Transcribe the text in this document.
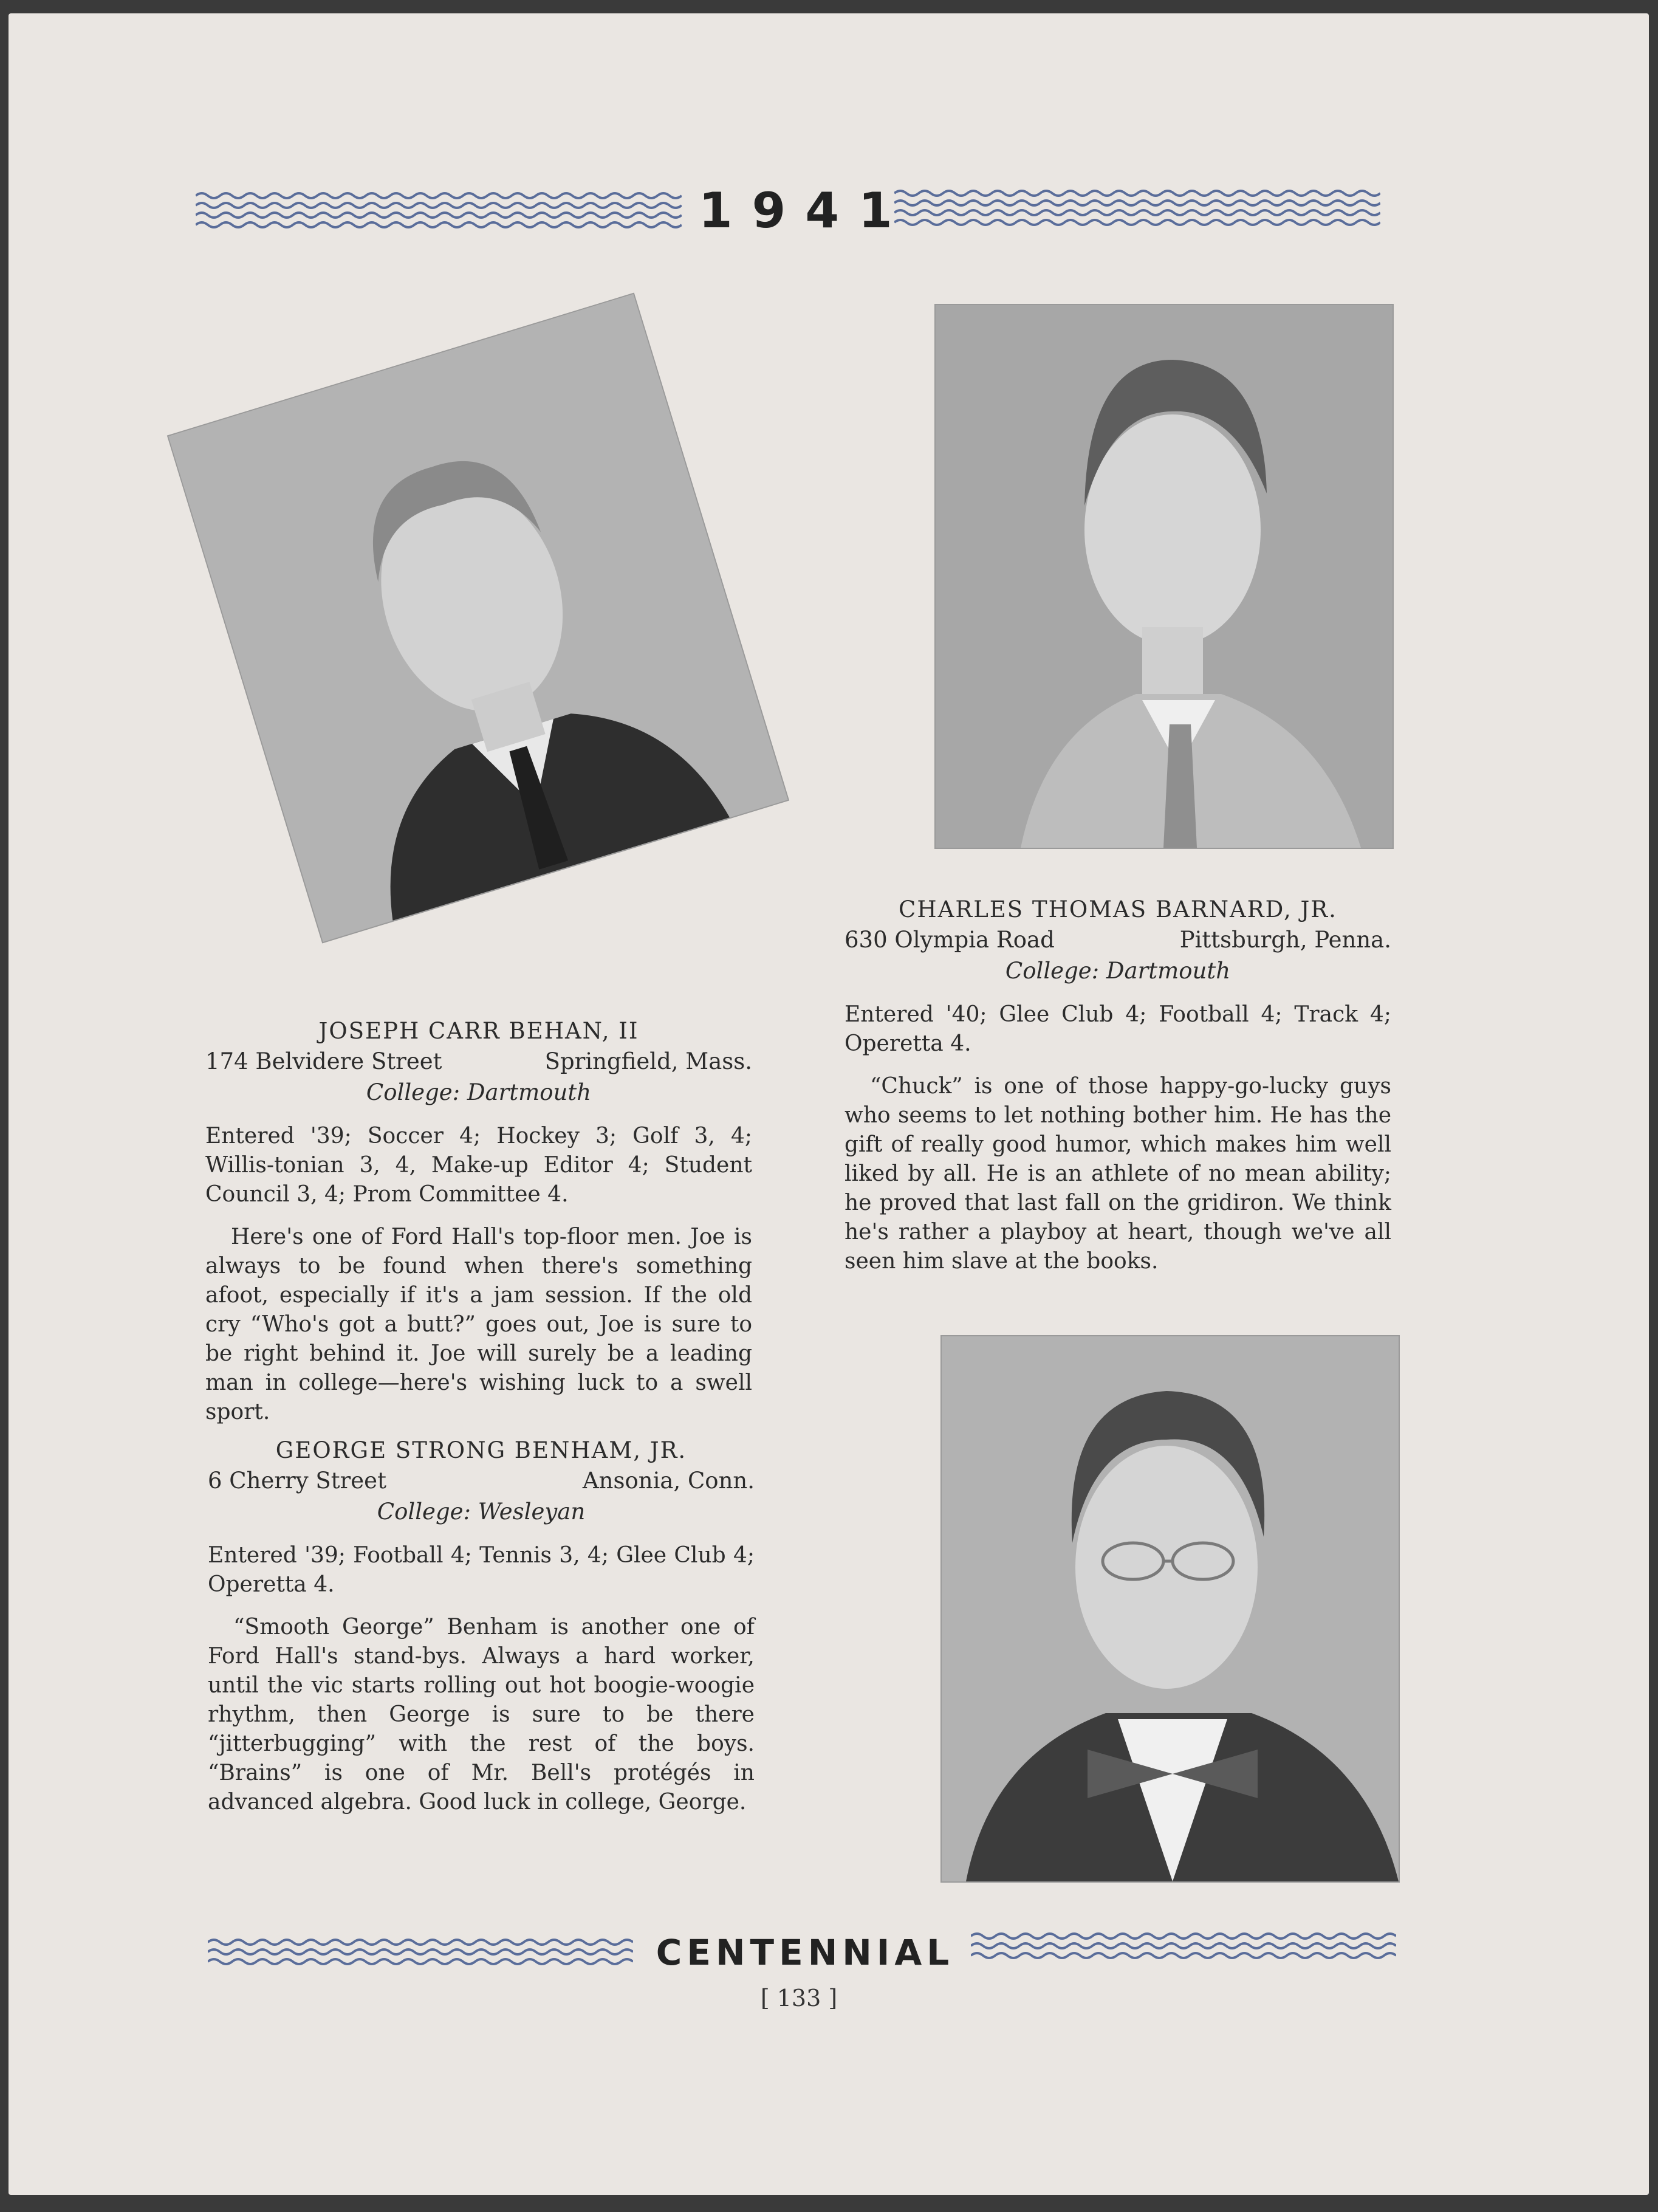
1941
JOSEPH CARR BEHAN, II
174 Belvidere Street	Springfield, Mass.
College: Dartmouth
Entered '39; Soccer 4; Hockey 3; Golf 3, 4; Willis-tonian 3, 4, Make-up Editor 4; Student Council 3, 4; Prom Committee 4.
Here's one of Ford Hall's top-floor men. Joe is always to be found when there's something afoot, especially if it's a jam session. If the old cry “Who's got a butt?” goes out, Joe is sure to be right behind it. Joe will surely be a leading man in college—here's wishing luck to a swell sport.
CHARLES THOMAS BARNARD, JR.
630 Olympia Road	Pittsburgh, Penna.
College: Dartmouth
Entered '40; Glee Club 4; Football 4; Track 4; Operetta 4.
“Chuck” is one of those happy-go-lucky guys who seems to let nothing bother him. He has the gift of really good humor, which makes him well liked by all. He is an athlete of no mean ability; he proved that last fall on the gridiron. We think he's rather a playboy at heart, though we've all seen him slave at the books.
GEORGE STRONG BENHAM, JR.
6 Cherry Street	Ansonia, Conn.
College: Wesleyan
Entered '39; Football 4; Tennis 3, 4; Glee Club 4; Operetta 4.
“Smooth George” Benham is another one of Ford Hall's stand-bys. Always a hard worker, until the vic starts rolling out hot boogie-woogie rhythm, then George is sure to be there “jitterbugging” with the rest of the boys. “Brains” is one of Mr. Bell's protégés in advanced algebra. Good luck in college, George.
CENTENNIAL
[ 133 ]
